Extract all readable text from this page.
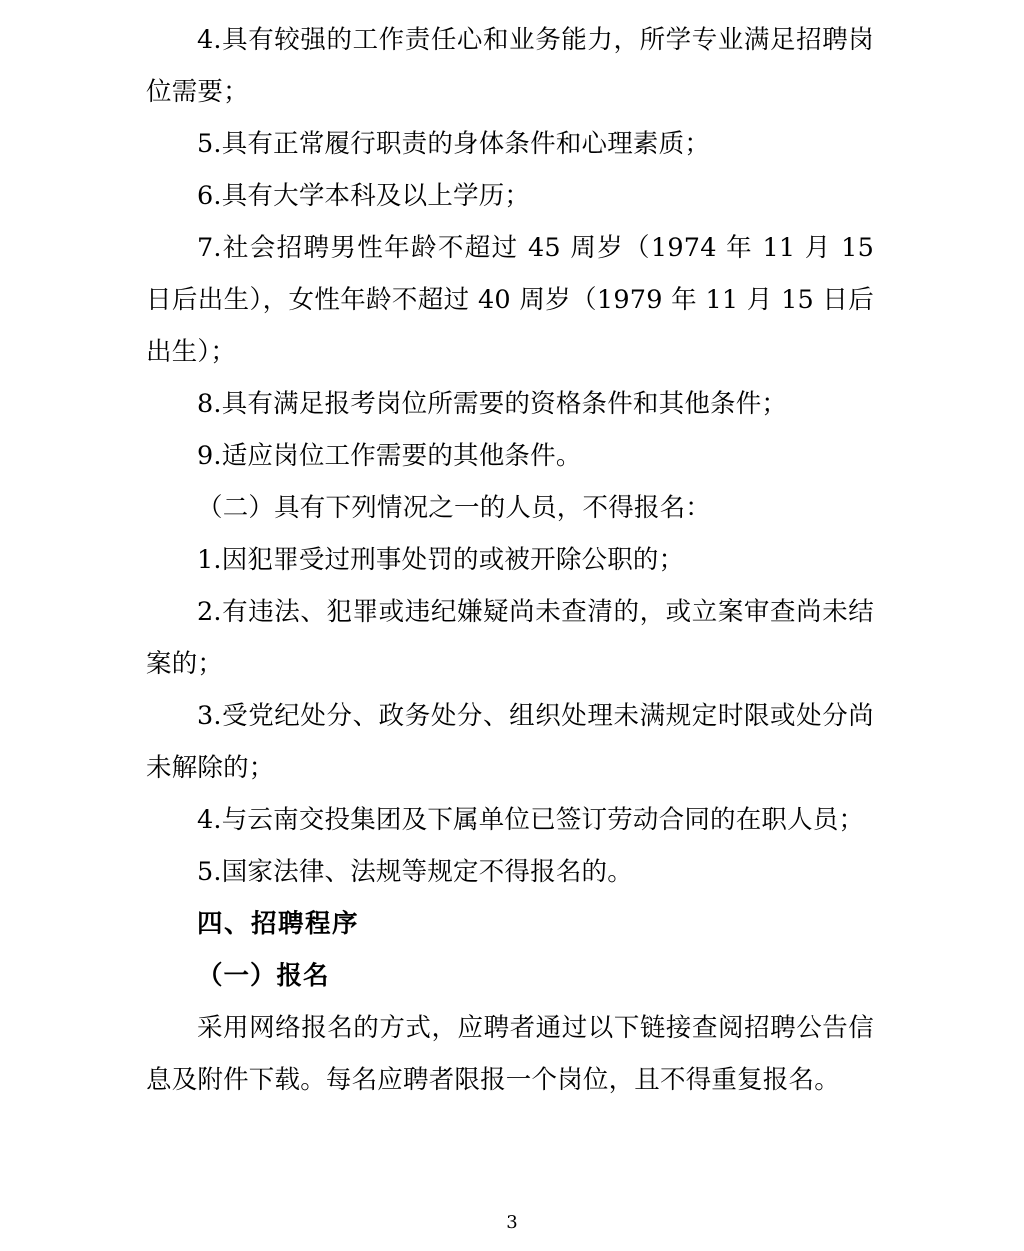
4.具有较强的工作责任心和业务能力，所学专业满足招聘岗位需要；

5.具有正常履行职责的身体条件和心理素质；

6.具有大学本科及以上学历；

7.社会招聘男性年龄不超过 45 周岁（1974 年 11 月 15 日后出生），女性年龄不超过 40 周岁（1979 年 11 月 15 日后出生）；

8.具有满足报考岗位所需要的资格条件和其他条件；

9.适应岗位工作需要的其他条件。

（二）具有下列情况之一的人员，不得报名：

1.因犯罪受过刑事处罚的或被开除公职的；

2.有违法、犯罪或违纪嫌疑尚未查清的，或立案审查尚未结案的；

3.受党纪处分、政务处分、组织处理未满规定时限或处分尚未解除的；

4.与云南交投集团及下属单位已签订劳动合同的在职人员；

5.国家法律、法规等规定不得报名的。

四、招聘程序

（一）报名

采用网络报名的方式，应聘者通过以下链接查阅招聘公告信息及附件下载。每名应聘者限报一个岗位，且不得重复报名。

3
